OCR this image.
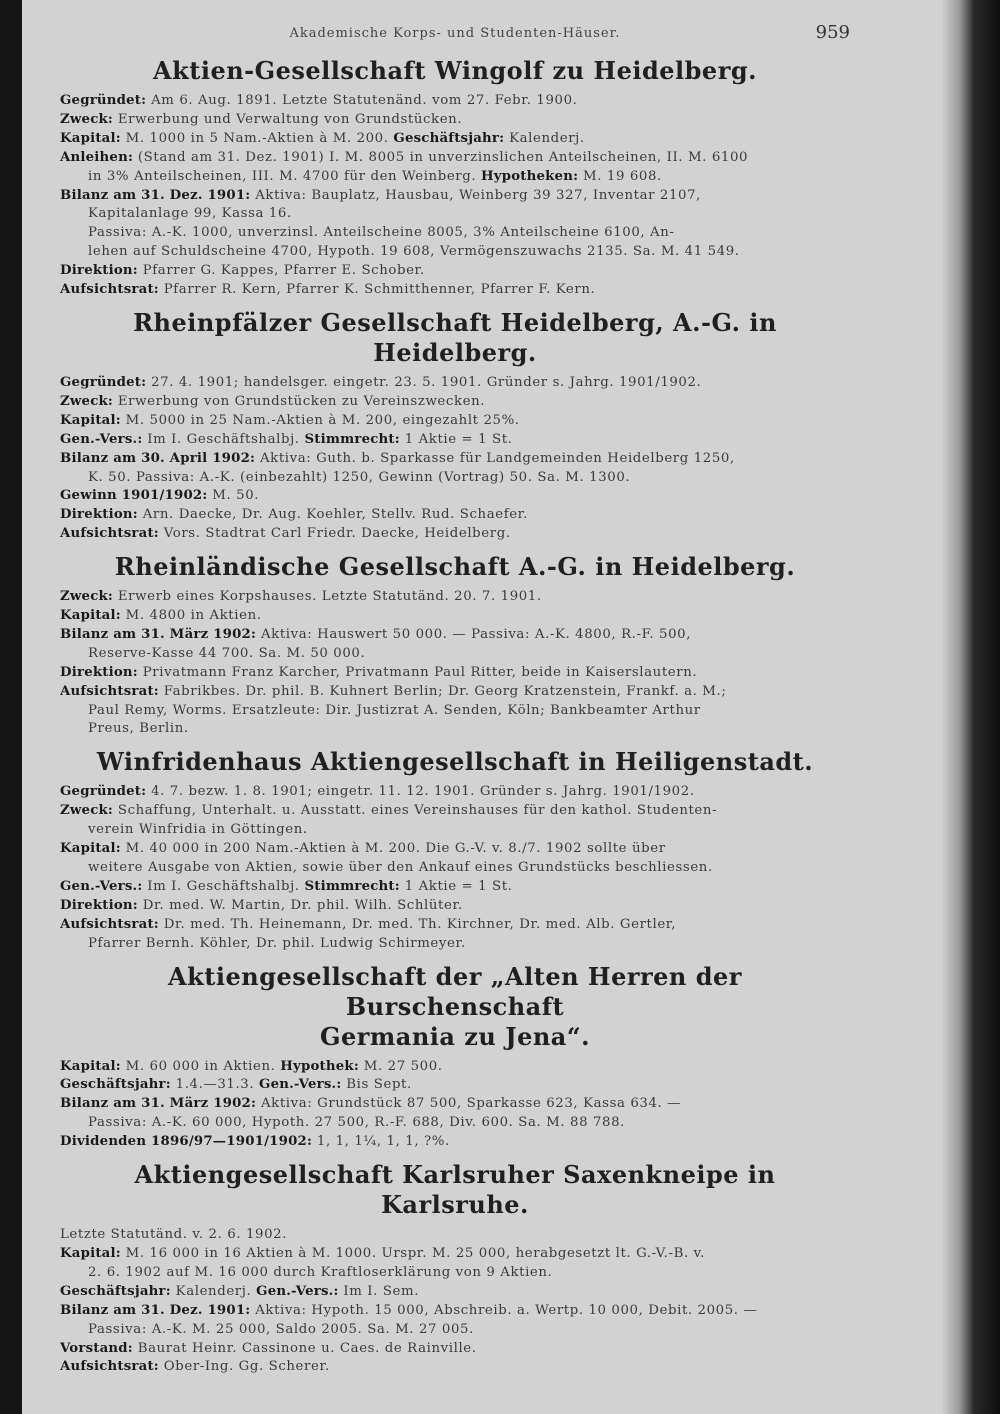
Akademische Korps- und Studenten-Häuser.	959
Aktien-Gesellschaft Wingolf zu Heidelberg.
Gegründet: Am 6. Aug. 1891. Letzte Statutenänd. vom 27. Febr. 1900.
Zweck: Erwerbung und Verwaltung von Grundstücken.
Kapital: M. 1000 in 5 Nam.-Aktien à M. 200. Geschäftsjahr: Kalenderj.
Anleihen: (Stand am 31. Dez. 1901) I. M. 8005 in unverzinslichen Anteilscheinen, II. M. 6100
in 3% Anteilscheinen, III. M. 4700 für den Weinberg. Hypotheken: M. 19 608.
Bilanz am 31. Dez. 1901: Aktiva: Bauplatz, Hausbau, Weinberg 39 327, Inventar 2107,
Kapitalanlage 99, Kassa 16.
Passiva: A.-K. 1000, unverzinsl. Anteilscheine 8005, 3% Anteilscheine 6100, An-
lehen auf Schuldscheine 4700, Hypoth. 19 608, Vermögenszuwachs 2135. Sa. M. 41 549.
Direktion: Pfarrer G. Kappes, Pfarrer E. Schober.
Aufsichtsrat: Pfarrer R. Kern, Pfarrer K. Schmitthenner, Pfarrer F. Kern.
Rheinpfälzer Gesellschaft Heidelberg, A.-G. in Heidelberg.
Gegründet: 27. 4. 1901; handelsger. eingetr. 23. 5. 1901. Gründer s. Jahrg. 1901/1902.
Zweck: Erwerbung von Grundstücken zu Vereinszwecken.
Kapital: M. 5000 in 25 Nam.-Aktien à M. 200, eingezahlt 25%.
Gen.-Vers.: Im I. Geschäftshalbj. Stimmrecht: 1 Aktie = 1 St.
Bilanz am 30. April 1902: Aktiva: Guth. b. Sparkasse für Landgemeinden Heidelberg 1250,
K. 50. Passiva: A.-K. (einbezahlt) 1250, Gewinn (Vortrag) 50. Sa. M. 1300.
Gewinn 1901/1902: M. 50.
Direktion: Arn. Daecke, Dr. Aug. Koehler, Stellv. Rud. Schaefer.
Aufsichtsrat: Vors. Stadtrat Carl Friedr. Daecke, Heidelberg.
Rheinländische Gesellschaft A.-G. in Heidelberg.
Zweck: Erwerb eines Korpshauses. Letzte Statutänd. 20. 7. 1901.
Kapital: M. 4800 in Aktien.
Bilanz am 31. März 1902: Aktiva: Hauswert 50 000. — Passiva: A.-K. 4800, R.-F. 500,
Reserve-Kasse 44 700. Sa. M. 50 000.
Direktion: Privatmann Franz Karcher, Privatmann Paul Ritter, beide in Kaiserslautern.
Aufsichtsrat: Fabrikbes. Dr. phil. B. Kuhnert Berlin; Dr. Georg Kratzenstein, Frankf. a. M.;
Paul Remy, Worms. Ersatzleute: Dir. Justizrat A. Senden, Köln; Bankbeamter Arthur
Preus, Berlin.
Winfridenhaus Aktiengesellschaft in Heiligenstadt.
Gegründet: 4. 7. bezw. 1. 8. 1901; eingetr. 11. 12. 1901. Gründer s. Jahrg. 1901/1902.
Zweck: Schaffung, Unterhalt. u. Ausstatt. eines Vereinshauses für den kathol. Studenten-
verein Winfridia in Göttingen.
Kapital: M. 40 000 in 200 Nam.-Aktien à M. 200. Die G.-V. v. 8./7. 1902 sollte über
weitere Ausgabe von Aktien, sowie über den Ankauf eines Grundstücks beschliessen.
Gen.-Vers.: Im I. Geschäftshalbj. Stimmrecht: 1 Aktie = 1 St.
Direktion: Dr. med. W. Martin, Dr. phil. Wilh. Schlüter.
Aufsichtsrat: Dr. med. Th. Heinemann, Dr. med. Th. Kirchner, Dr. med. Alb. Gertler,
Pfarrer Bernh. Köhler, Dr. phil. Ludwig Schirmeyer.
Aktiengesellschaft der „Alten Herren der Burschenschaft
Germania zu Jena“.
Kapital: M. 60 000 in Aktien. Hypothek: M. 27 500.
Geschäftsjahr: 1.4.—31.3. Gen.-Vers.: Bis Sept.
Bilanz am 31. März 1902: Aktiva: Grundstück 87 500, Sparkasse 623, Kassa 634. —
Passiva: A.-K. 60 000, Hypoth. 27 500, R.-F. 688, Div. 600. Sa. M. 88 788.
Dividenden 1896/97—1901/1902: 1, 1, 1¼, 1, 1, ?%.
Aktiengesellschaft Karlsruher Saxenkneipe in Karlsruhe.
Letzte Statutänd. v. 2. 6. 1902.
Kapital: M. 16 000 in 16 Aktien à M. 1000. Urspr. M. 25 000, herabgesetzt lt. G.-V.-B. v.
2. 6. 1902 auf M. 16 000 durch Kraftloserklärung von 9 Aktien.
Geschäftsjahr: Kalenderj. Gen.-Vers.: Im I. Sem.
Bilanz am 31. Dez. 1901: Aktiva: Hypoth. 15 000, Abschreib. a. Wertp. 10 000, Debit. 2005. —
Passiva: A.-K. M. 25 000, Saldo 2005. Sa. M. 27 005.
Vorstand: Baurat Heinr. Cassinone u. Caes. de Rainville.
Aufsichtsrat: Ober-Ing. Gg. Scherer.
